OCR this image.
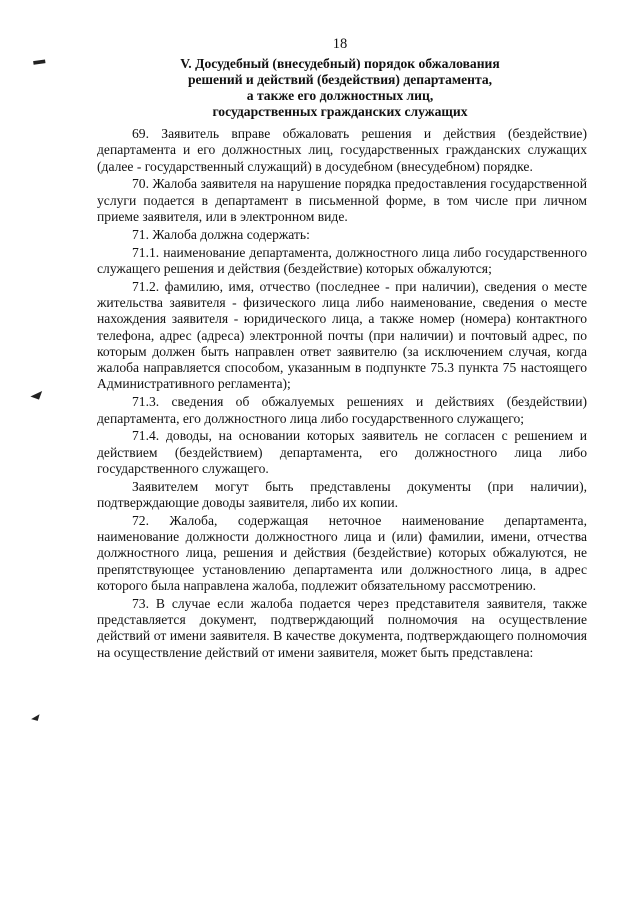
▬
◢
◢
18
V. Досудебный (внесудебный) порядок обжалования
решений и действий (бездействия) департамента,
а также его должностных лиц,
государственных гражданских служащих

69. Заявитель вправе обжаловать решения и действия (бездействие) департамента и его должностных лиц, государственных гражданских служащих (далее - государственный служащий) в досудебном (внесудебном) порядке.

70. Жалоба заявителя на нарушение порядка предоставления государственной услуги подается в департамент в письменной форме, в том числе при личном приеме заявителя, или в электронном виде.

71. Жалоба должна содержать:

71.1. наименование департамента, должностного лица либо государственного служащего решения и действия (бездействие) которых обжалуются;

71.2. фамилию, имя, отчество (последнее - при наличии), сведения о месте жительства заявителя - физического лица либо наименование, сведения о месте нахождения заявителя - юридического лица, а также номер (номера) контактного телефона, адрес (адреса) электронной почты (при наличии) и почтовый адрес, по которым должен быть направлен ответ заявителю (за исключением случая, когда жалоба направляется способом, указанным в подпункте 75.3 пункта 75 настоящего Административного регламента);

71.3. сведения об обжалуемых решениях и действиях (бездействии) департамента, его должностного лица либо государственного служащего;

71.4. доводы, на основании которых заявитель не согласен с решением и действием (бездействием) департамента, его должностного лица либо государственного служащего.

Заявителем могут быть представлены документы (при наличии), подтверждающие доводы заявителя, либо их копии.

72. Жалоба, содержащая неточное наименование департамента, наименование должности должностного лица и (или) фамилии, имени, отчества должностного лица, решения и действия (бездействие) которых обжалуются, не препятствующее установлению департамента или должностного лица, в адрес которого была направлена жалоба, подлежит обязательному рассмотрению.

73. В случае если жалоба подается через представителя заявителя, также представляется документ, подтверждающий полномочия на осуществление действий от имени заявителя. В качестве документа, подтверждающего полномочия на осуществление действий от имени заявителя, может быть представлена:
